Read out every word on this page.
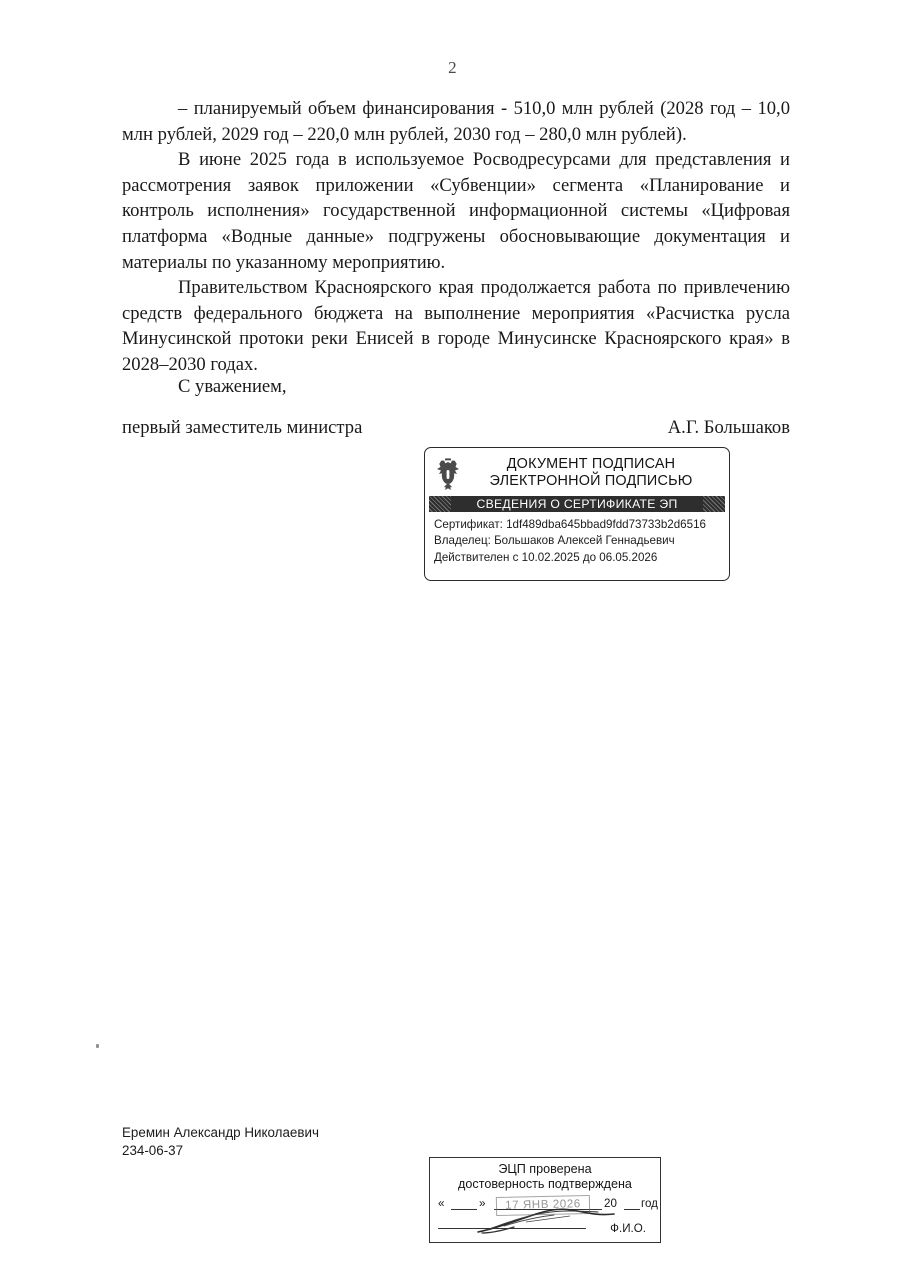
2

– планируемый объем финансирования - 510,0 млн рублей (2028 год – 10,0 млн рублей, 2029 год – 220,0 млн рублей, 2030 год – 280,0 млн рублей).

В июне 2025 года в используемое Росводресурсами для представления и рассмотрения заявок приложении «Субвенции» сегмента «Планирование и контроль исполнения» государственной информационной системы «Цифровая платформа «Водные данные» подгружены обосновывающие документация и материалы по указанному мероприятию.

Правительством Красноярского края продолжается работа по привлечению средств федерального бюджета на выполнение мероприятия «Расчистка русла Минусинской протоки реки Енисей в городе Минусинске Красноярского края» в 2028–2030 годах.

С уважением,
первый заместитель министра	А.Г. Большаков
ДОКУМЕНТ ПОДПИСАН
ЭЛЕКТРОННОЙ ПОДПИСЬЮ
СВЕДЕНИЯ О СЕРТИФИКАТЕ ЭП
Сертификат: 1df489dba645bbad9fdd73733b2d6516
Владелец: Большаков Алексей Геннадьевич
Действителен с 10.02.2025 до 06.05.2026
Еремин Александр Николаевич
234-06-37
ЭЦП проверена
достоверность подтверждена
«	»	20 год
Ф.И.О.
17 ЯНВ 2026
